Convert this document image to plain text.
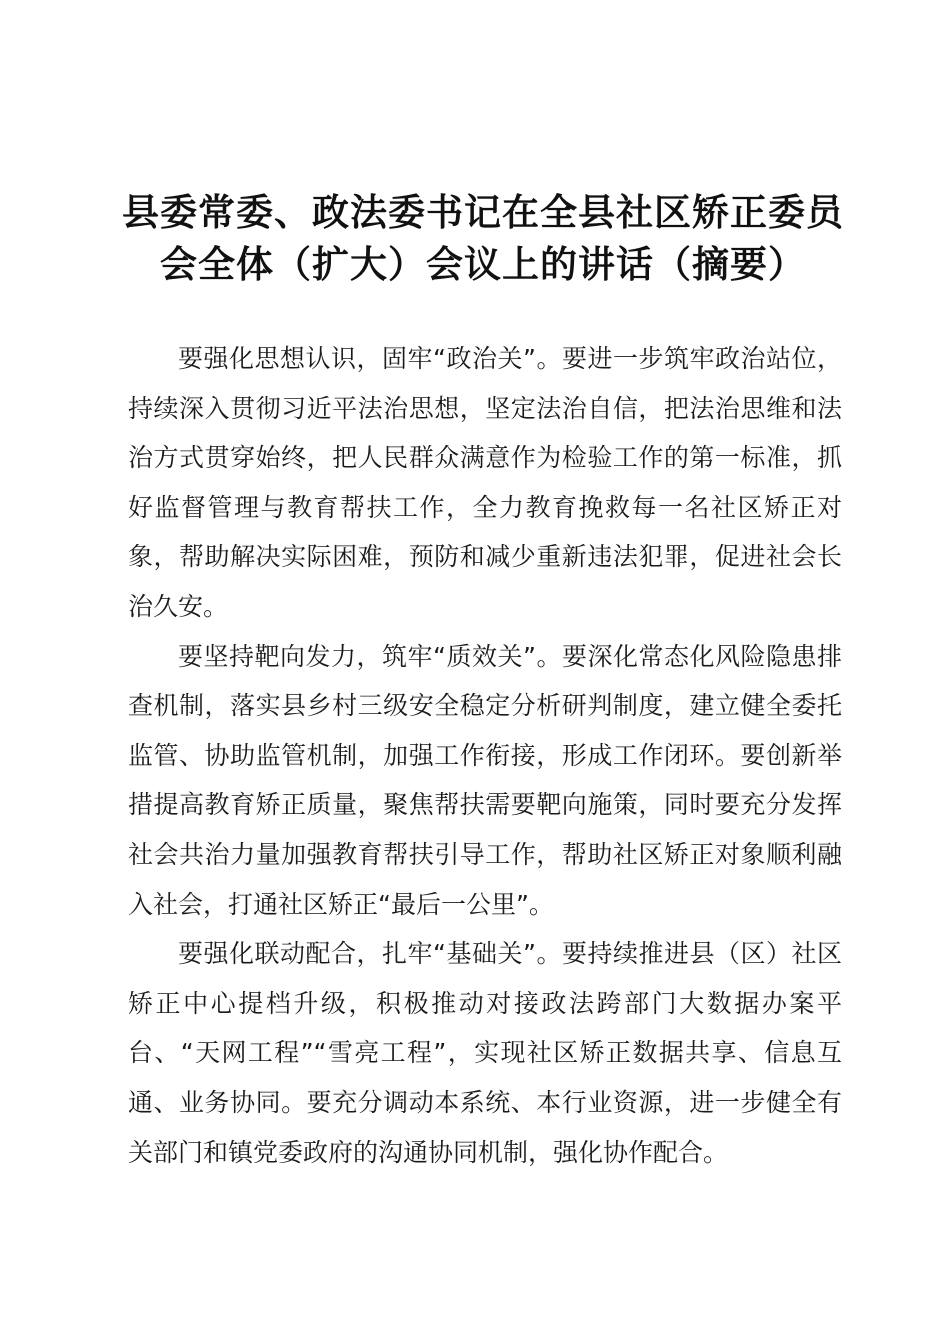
县委常委、政法委书记在全县社区矫正委员会全体（扩大）会议上的讲话（摘要）

要强化思想认识，固牢“政治关”。要进一步筑牢政治站位，持续深入贯彻习近平法治思想，坚定法治自信，把法治思维和法治方式贯穿始终，把人民群众满意作为检验工作的第一标准，抓好监督管理与教育帮扶工作，全力教育挽救每一名社区矫正对象，帮助解决实际困难，预防和减少重新违法犯罪，促进社会长治久安。

要坚持靶向发力，筑牢“质效关”。要深化常态化风险隐患排查机制，落实县乡村三级安全稳定分析研判制度，建立健全委托监管、协助监管机制，加强工作衔接，形成工作闭环。要创新举措提高教育矫正质量，聚焦帮扶需要靶向施策，同时要充分发挥社会共治力量加强教育帮扶引导工作，帮助社区矫正对象顺利融入社会，打通社区矫正“最后一公里”。

要强化联动配合，扎牢“基础关”。要持续推进县（区）社区矫正中心提档升级，积极推动对接政法跨部门大数据办案平台、“天网工程”“雪亮工程”，实现社区矫正数据共享、信息互通、业务协同。要充分调动本系统、本行业资源，进一步健全有关部门和镇党委政府的沟通协同机制，强化协作配合。
